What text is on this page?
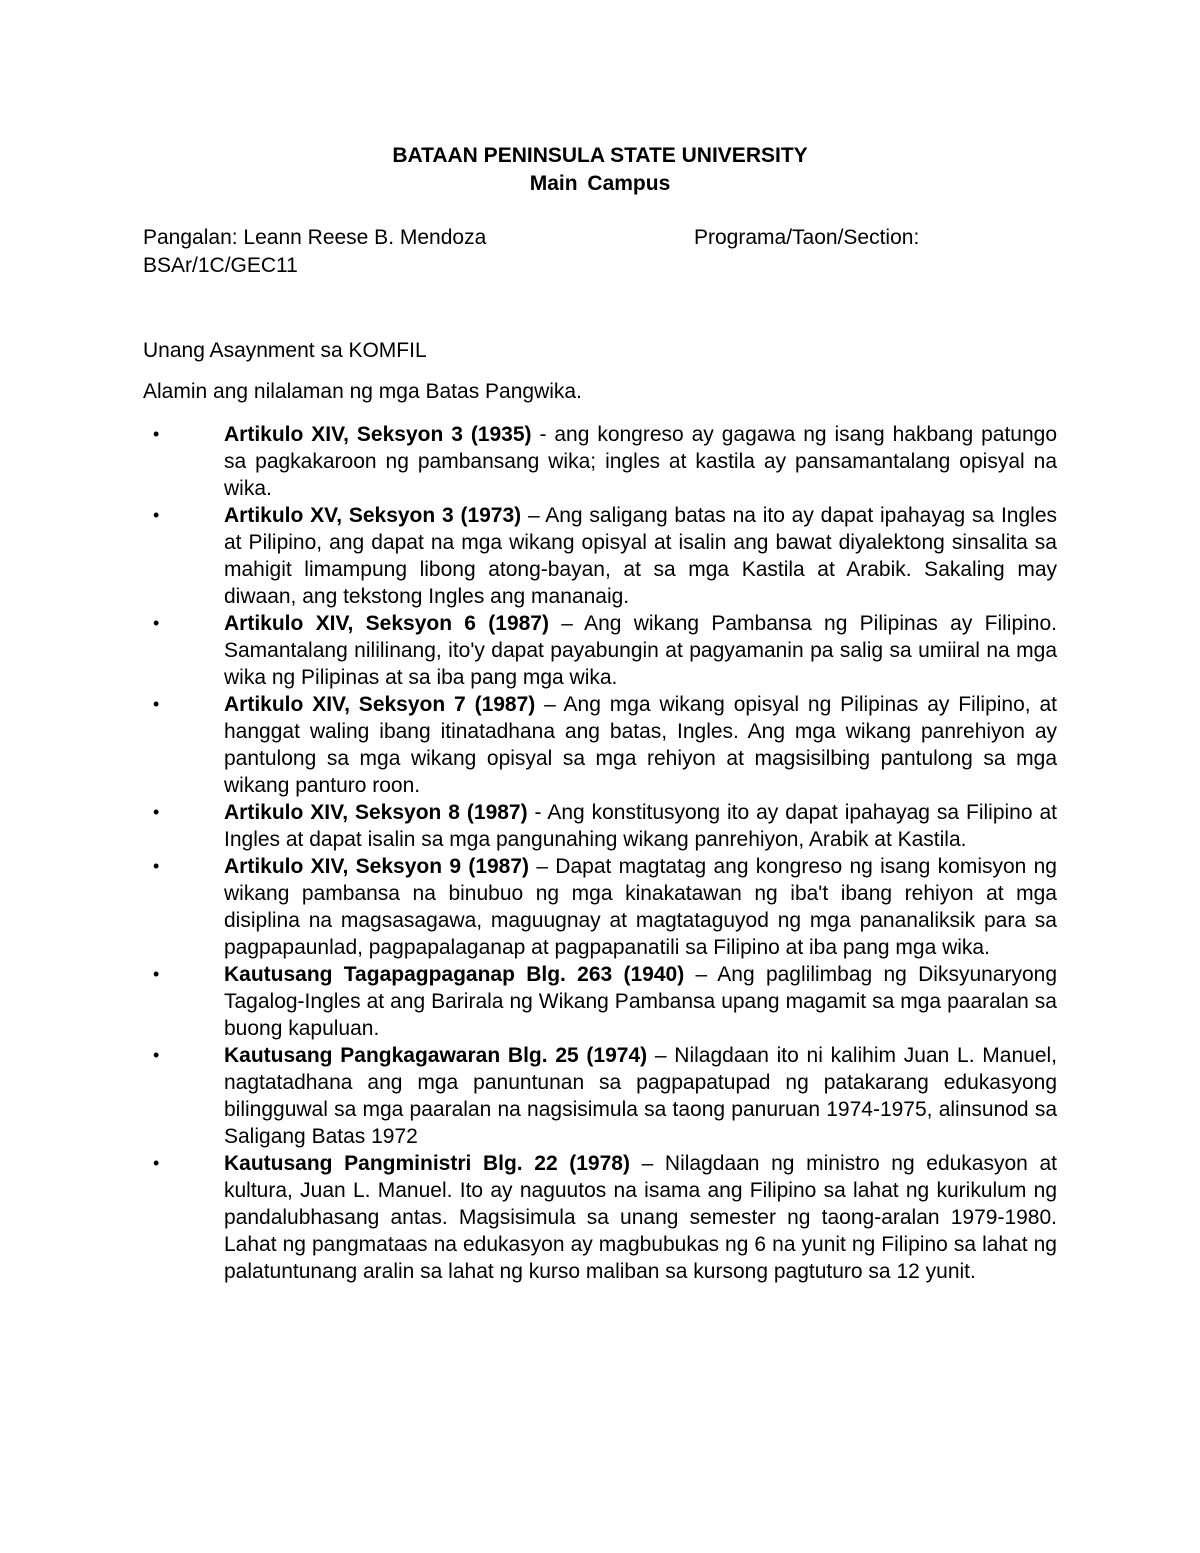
BATAAN PENINSULA STATE UNIVERSITY
Main Campus
Pangalan: Leann Reese B. Mendoza	Programa/Taon/Section:
BSAr/1C/GEC11
Unang Asaynment sa KOMFIL
Alamin ang nilalaman ng mga Batas Pangwika.
•	Artikulo XIV, Seksyon 3 (1935) - ang kongreso ay gagawa ng isang hakbang patungo sa pagkakaroon ng pambansang wika; ingles at kastila ay pansamantalang opisyal na wika.
•	Artikulo XV, Seksyon 3 (1973) – Ang saligang batas na ito ay dapat ipahayag sa Ingles at Pilipino, ang dapat na mga wikang opisyal at isalin ang bawat diyalektong sinsalita sa mahigit limampung libong atong-bayan, at sa mga Kastila at Arabik. Sakaling may diwaan, ang tekstong Ingles ang mananaig.
•	Artikulo XIV, Seksyon 6 (1987) – Ang wikang Pambansa ng Pilipinas ay Filipino. Samantalang nililinang, ito'y dapat payabungin at pagyamanin pa salig sa umiiral na mga wika ng Pilipinas at sa iba pang mga wika.
•	Artikulo XIV, Seksyon 7 (1987) – Ang mga wikang opisyal ng Pilipinas ay Filipino, at hanggat waling ibang itinatadhana ang batas, Ingles. Ang mga wikang panrehiyon ay pantulong sa mga wikang opisyal sa mga rehiyon at magsisilbing pantulong sa mga wikang panturo roon.
•	Artikulo XIV, Seksyon 8 (1987) - Ang konstitusyong ito ay dapat ipahayag sa Filipino at Ingles at dapat isalin sa mga pangunahing wikang panrehiyon, Arabik at Kastila.
•	Artikulo XIV, Seksyon 9 (1987) – Dapat magtatag ang kongreso ng isang komisyon ng wikang pambansa na binubuo ng mga kinakatawan ng iba't ibang rehiyon at mga disiplina na magsasagawa, maguugnay at magtataguyod ng mga pananaliksik para sa pagpapaunlad, pagpapalaganap at pagpapanatili sa Filipino at iba pang mga wika.
•	Kautusang Tagapagpaganap Blg. 263 (1940) – Ang paglilimbag ng Diksyunaryong Tagalog-Ingles at ang Barirala ng Wikang Pambansa upang magamit sa mga paaralan sa buong kapuluan.
•	Kautusang Pangkagawaran Blg. 25 (1974) – Nilagdaan ito ni kalihim Juan L. Manuel, nagtatadhana ang mga panuntunan sa pagpapatupad ng patakarang edukasyong bilingguwal sa mga paaralan na nagsisimula sa taong panuruan 1974-1975, alinsunod sa Saligang Batas 1972
•	Kautusang Pangministri Blg. 22 (1978) – Nilagdaan ng ministro ng edukasyon at kultura, Juan L. Manuel. Ito ay naguutos na isama ang Filipino sa lahat ng kurikulum ng pandalubhasang antas. Magsisimula sa unang semester ng taong-aralan 1979-1980. Lahat ng pangmataas na edukasyon ay magbubukas ng 6 na yunit ng Filipino sa lahat ng palatuntunang aralin sa lahat ng kurso maliban sa kursong pagtuturo sa 12 yunit.
